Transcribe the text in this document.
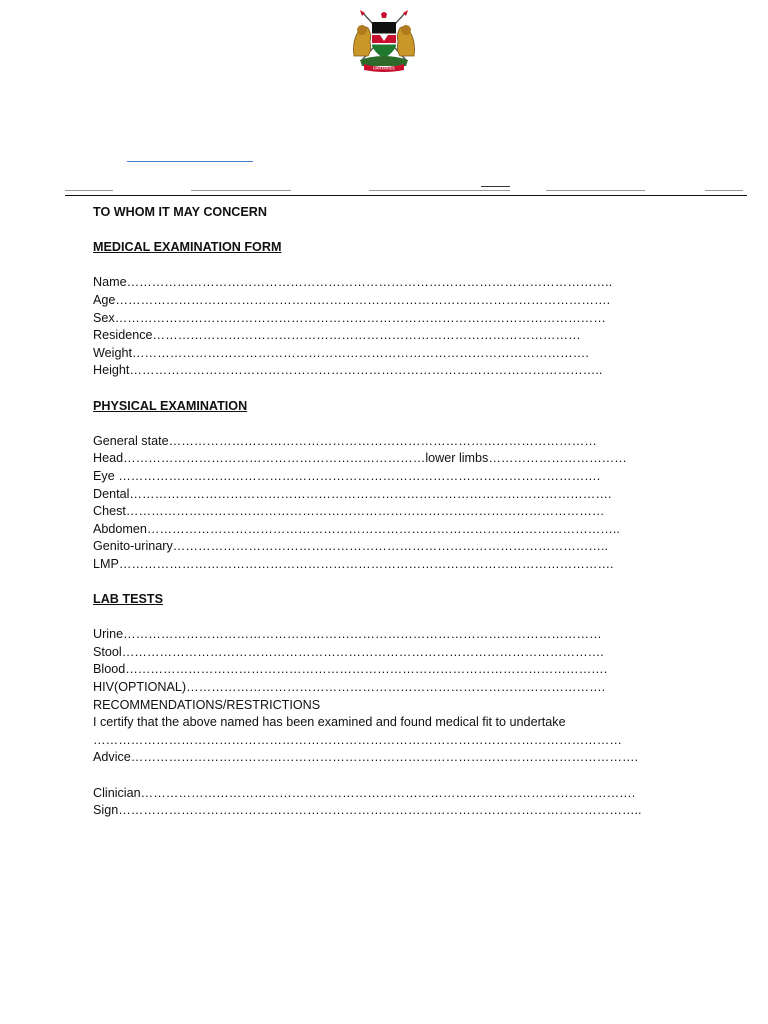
HARAMBEE
TO WHOM IT MAY CONCERN
MEDICAL EXAMINATION FORM
Name……………………………………………………………………………………………………..
Age……………………………………………………………………………………………………….
Sex………………………………………………………………………………………………………
Residence…………………………………………………………………………………………
Weight……………………………………………………………………………………………….
Height…………………………………………………………………………………………………..
PHYSICAL EXAMINATION
General state…………………………………………………………………………………………
Head………………………………………………………………lower limbs……………………………
Eye …………………………………………………………………………………………………….
Dental…………………………………………………………………………………………………….
Chest……………………………………………………………………………………………………
Abdomen…………………………………………………………………………………………………..
Genito-urinary…………………………………………………………………………………………..
LMP……………………………………………………………………………………………………….
LAB TESTS
Urine……………………………………………………………………………………………………
Stool…………………………………………………………………………………………………….
Blood…………………………………………………………………………………………………….
HIV(OPTIONAL)……………………………………………………………………………………….
RECOMMENDATIONS/RESTRICTIONS
I certify that the above named has been examined and found medical fit to undertake
………………………………………………………………………………………………………………
Advice………………………………………………………………………………………………………….
Clinician……………………………………………………………………………………………………….
Sign……………………………………………………………………………………………………………..
